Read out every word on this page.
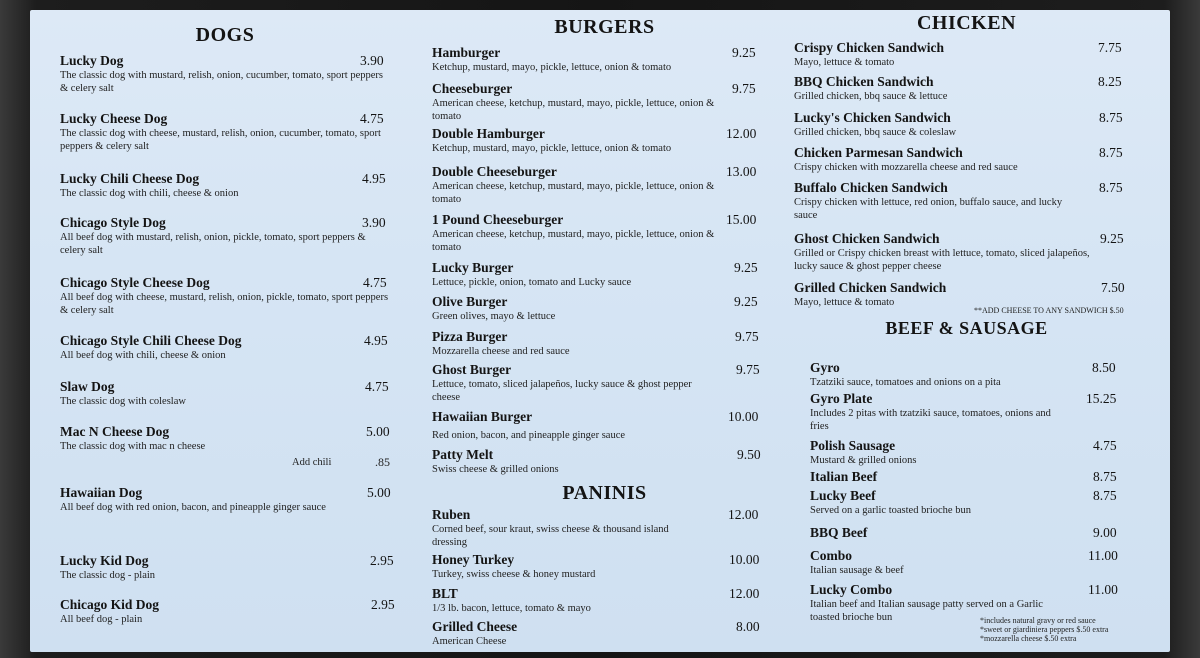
DOGS
Lucky Dog
The classic dog with mustard, relish, onion, cucumber, tomato, sport peppers & celery salt
3.90
Lucky Cheese Dog
The classic dog with cheese, mustard, relish, onion, cucumber, tomato, sport peppers & celery salt
4.75
Lucky Chili Cheese Dog
The classic dog with chili, cheese & onion
4.95
Chicago Style Dog
All beef dog with mustard, relish, onion, pickle, tomato, sport peppers & celery salt
3.90
Chicago Style Cheese Dog
All beef dog with cheese, mustard, relish, onion, pickle, tomato, sport peppers & celery salt
4.75
Chicago Style Chili Cheese Dog
All beef dog with chili, cheese & onion
4.95
Slaw Dog
The classic dog with coleslaw
4.75
Mac N Cheese Dog
The classic dog with mac n cheese
5.00
Add chili	.85
Hawaiian Dog
All beef dog with red onion, bacon, and pineapple ginger sauce
5.00
Lucky Kid Dog
The classic dog - plain
2.95
Chicago Kid Dog
All beef dog - plain
2.95
BURGERS
Hamburger
Ketchup, mustard, mayo, pickle, lettuce, onion & tomato
9.25
Cheeseburger
American cheese, ketchup, mustard, mayo, pickle, lettuce, onion & tomato
9.75
Double Hamburger
Ketchup, mustard, mayo, pickle, lettuce, onion & tomato
12.00
Double Cheeseburger
American cheese, ketchup, mustard, mayo, pickle, lettuce, onion & tomato
13.00
1 Pound Cheeseburger
American cheese, ketchup, mustard, mayo, pickle, lettuce, onion & tomato
15.00
Lucky Burger
Lettuce, pickle, onion, tomato and Lucky sauce
9.25
Olive Burger
Green olives, mayo & lettuce
9.25
Pizza Burger
Mozzarella cheese and red sauce
9.75
Ghost Burger
Lettuce, tomato, sliced jalapeños, lucky sauce & ghost pepper cheese
9.75
Hawaiian Burger
Red onion, bacon, and pineapple ginger sauce
10.00
Patty Melt
Swiss cheese & grilled onions
9.50
PANINIS
Ruben
Corned beef, sour kraut, swiss cheese & thousand island dressing
12.00
Honey Turkey
Turkey, swiss cheese & honey mustard
10.00
BLT
1/3 lb. bacon, lettuce, tomato & mayo
12.00
Grilled Cheese
American Cheese
8.00
CHICKEN
Crispy Chicken Sandwich
Mayo, lettuce & tomato
7.75
BBQ Chicken Sandwich
Grilled chicken, bbq sauce & lettuce
8.25
Lucky's Chicken Sandwich
Grilled chicken, bbq sauce & coleslaw
8.75
Chicken Parmesan Sandwich
Crispy chicken with mozzarella cheese and red sauce
8.75
Buffalo Chicken Sandwich
Crispy chicken with lettuce, red onion, buffalo sauce, and lucky sauce
8.75
Ghost Chicken Sandwich
Grilled or Crispy chicken breast with lettuce, tomato, sliced jalapeños, lucky sauce & ghost pepper cheese
9.25
Grilled Chicken Sandwich
Mayo, lettuce & tomato
7.50
**ADD CHEESE TO ANY SANDWICH $.50
BEEF & SAUSAGE
Gyro
Tzatziki sauce, tomatoes and onions on a pita
8.50
Gyro Plate
Includes 2 pitas with tzatziki sauce, tomatoes, onions and fries
15.25
Polish Sausage
Mustard & grilled onions
4.75
Italian Beef	8.75
Lucky Beef
Served on a garlic toasted brioche bun
8.75
BBQ Beef	9.00
Combo
Italian sausage & beef
11.00
Lucky Combo
Italian beef and Italian sausage patty served on a Garlic toasted brioche bun
11.00
*includes natural gravy or red sauce
*sweet or giardiniera peppers $.50 extra
*mozzarella cheese $.50 extra
